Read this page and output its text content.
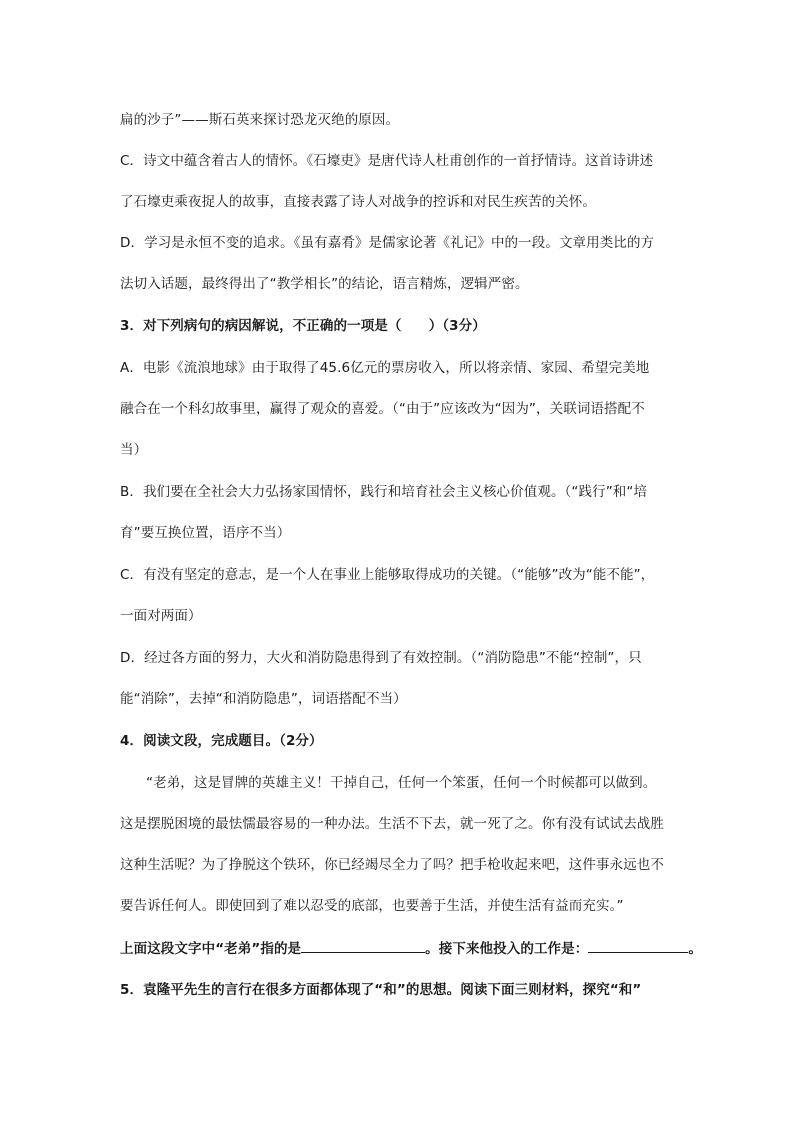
扁的沙子”——斯石英来探讨恐龙灭绝的原因。
C．诗文中蕴含着古人的情怀。《石壕吏》是唐代诗人杜甫创作的一首抒情诗。这首诗讲述
了石壕吏乘夜捉人的故事，直接表露了诗人对战争的控诉和对民生疾苦的关怀。
D．学习是永恒不变的追求。《虽有嘉肴》是儒家论著《礼记》中的一段。文章用类比的方
法切入话题，最终得出了“教学相长”的结论，语言精炼，逻辑严密。
3．对下列病句的病因解说，不正确的一项是（　　）（3分）
A．电影《流浪地球》由于取得了45.6亿元的票房收入，所以将亲情、家园、希望完美地
融合在一个科幻故事里，赢得了观众的喜爱。（“由于”应该改为“因为”，关联词语搭配不
当）
B．我们要在全社会大力弘扬家国情怀，践行和培育社会主义核心价值观。（“践行”和“培
育”要互换位置，语序不当）
C．有没有坚定的意志，是一个人在事业上能够取得成功的关键。（“能够”改为“能不能”，
一面对两面）
D．经过各方面的努力，大火和消防隐患得到了有效控制。（“消防隐患”不能“控制”，只
能“消除”，去掉“和消防隐患”，词语搭配不当）
4．阅读文段，完成题目。（2分）
“老弟，这是冒牌的英雄主义！干掉自己，任何一个笨蛋，任何一个时候都可以做到。
这是摆脱困境的最怯懦最容易的一种办法。生活不下去，就一死了之。你有没有试试去战胜
这种生活呢？为了挣脱这个铁环，你已经竭尽全力了吗？把手枪收起来吧，这件事永远也不
要告诉任何人。即使回到了难以忍受的底部，也要善于生活，并使生活有益而充实。”
上面这段文字中“老弟”指的是	。接下来他投入的工作是：	。
5．袁隆平先生的言行在很多方面都体现了“和”的思想。阅读下面三则材料，探究“和”
